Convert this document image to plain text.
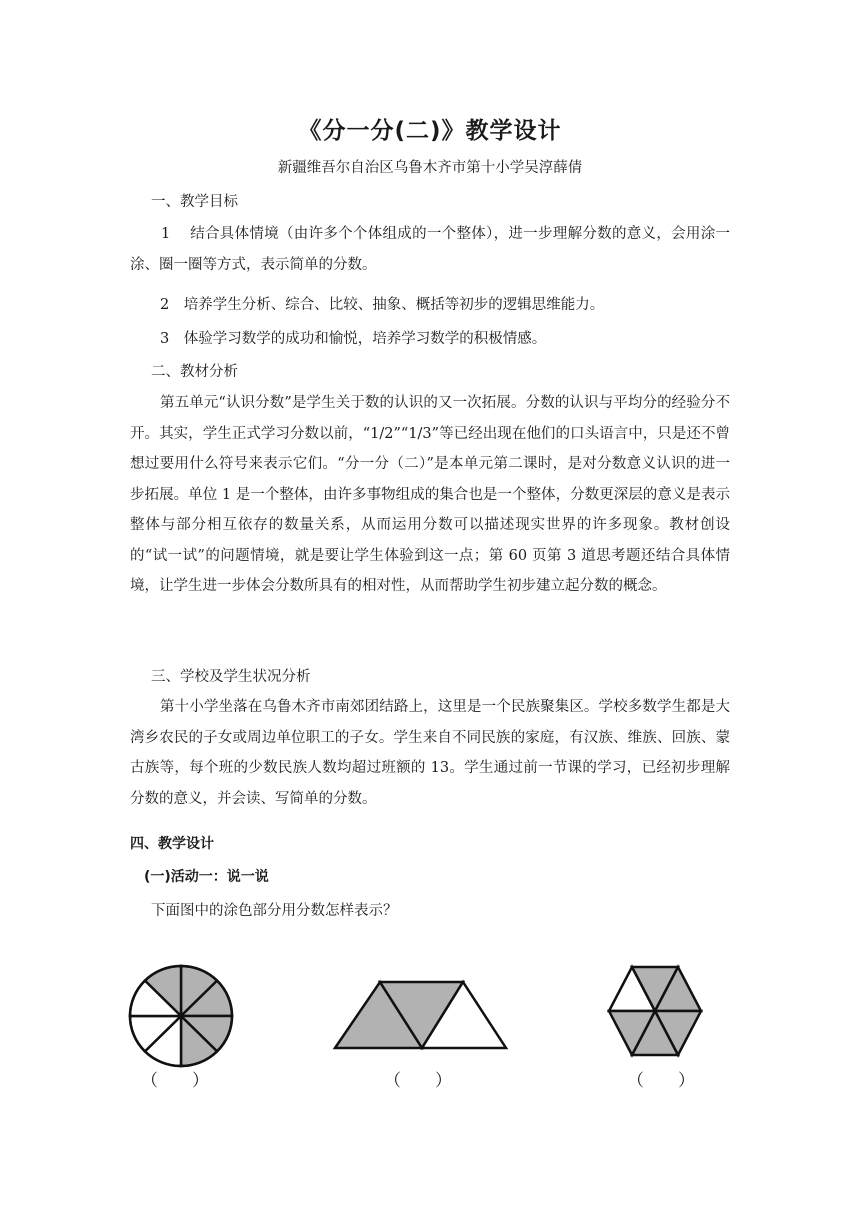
《分一分(二)》教学设计
新疆维吾尔自治区乌鲁木齐市第十小学吴淳薛倩
一、教学目标
1　 结合具体情境（由许多个个体组成的一个整体），进一步理解分数的意义，会用涂一涂、圈一圈等方式，表示简单的分数。
2　培养学生分析、综合、比较、抽象、概括等初步的逻辑思维能力。
3　体验学习数学的成功和愉悦，培养学习数学的积极情感。
二、教材分析
第五单元“认识分数”是学生关于数的认识的又一次拓展。分数的认识与平均分的经验分不开。其实，学生正式学习分数以前，“1/2”“1/3”等已经出现在他们的口头语言中，只是还不曾想过要用什么符号来表示它们。“分一分（二）”是本单元第二课时，是对分数意义认识的进一步拓展。单位 1 是一个整体，由许多事物组成的集合也是一个整体，分数更深层的意义是表示整体与部分相互依存的数量关系，从而运用分数可以描述现实世界的许多现象。教材创设的“试一试”的问题情境，就是要让学生体验到这一点；第 60 页第 3 道思考题还结合具体情境，让学生进一步体会分数所具有的相对性，从而帮助学生初步建立起分数的概念。
三、学校及学生状况分析
第十小学坐落在乌鲁木齐市南郊团结路上，这里是一个民族聚集区。学校多数学生都是大湾乡农民的子女或周边单位职工的子女。学生来自不同民族的家庭，有汉族、维族、回族、蒙古族等，每个班的少数民族人数均超过班额的 13。学生通过前一节课的学习，已经初步理解分数的意义，并会读、写简单的分数。
四、教学设计
(一)活动一：说一说
下面图中的涂色部分用分数怎样表示？
（　　）	（　　）	（　　）
